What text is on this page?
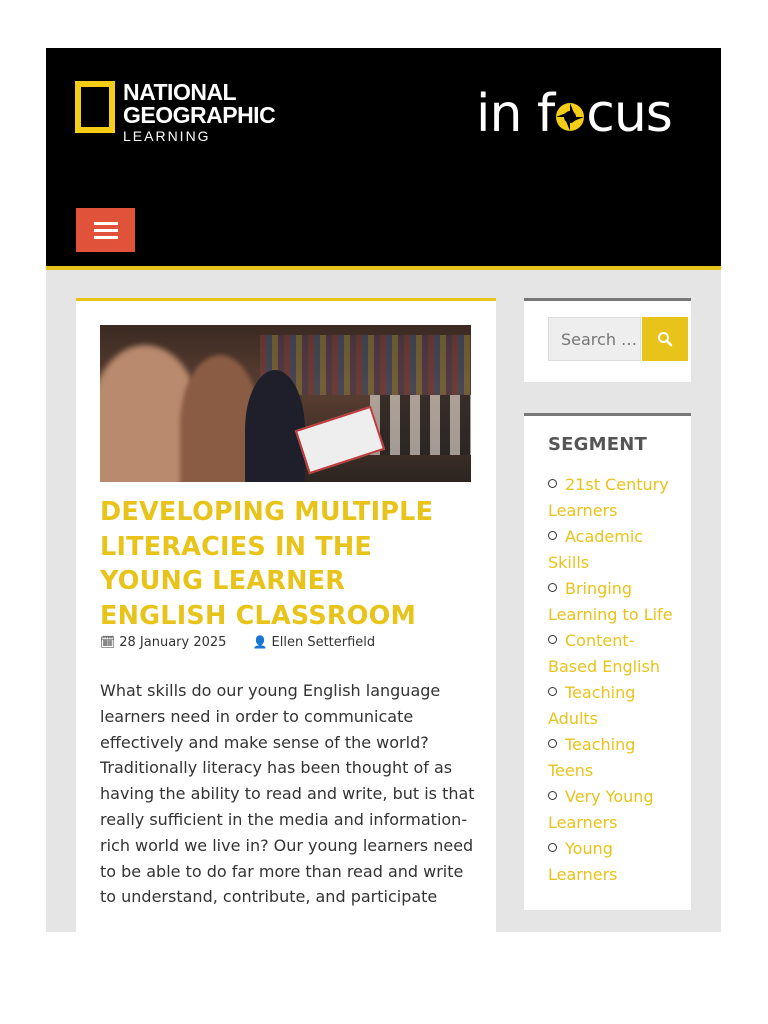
NATIONAL
GEOGRAPHIC
LEARNING	in f cus
DEVELOPING MULTIPLE LITERACIES IN THE YOUNG LEARNER ENGLISH CLASSROOM
🗓 28 January 2025 👤 Ellen Setterfield

What skills do our young English language learners need in order to communicate effectively and make sense of the world? Traditionally literacy has been thought of as having the ability to read and write, but is that really sufficient in the media and information-rich world we live in? Our young learners need to be able to do far more than read and write to understand, contribute, and participate

Search …
SEGMENT
21st Century Learners
Academic Skills
Bringing Learning to Life
Content-Based English
Teaching Adults
Teaching Teens
Very Young Learners
Young Learners
